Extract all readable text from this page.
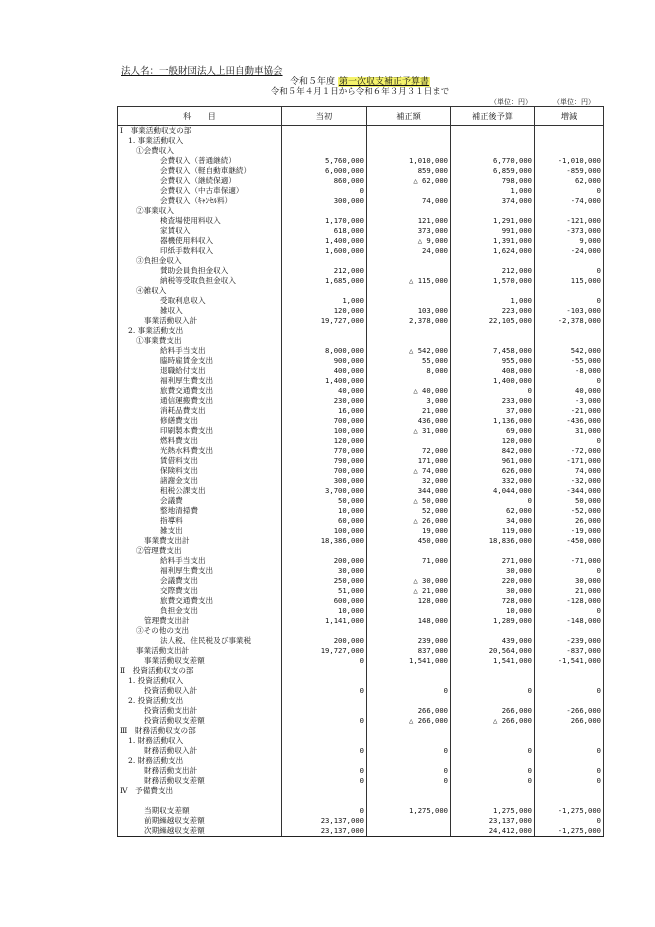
法人名：一般財団法人上田自動車協会
令和５年度 第一次収支補正予算書
令和５年４月１日から令和６年３月３１日まで
（単位：円）	（単位：円）
科　　目	当初	補正額	補正後予算	増減
Ⅰ　事業活動収支の部				
1. 事業活動収入				
①会費収入				
会費収入（普通継続）	5,760,000	1,010,000	6,770,000	-1,010,000
会費収入（軽自動車継続）	6,000,000	859,000	6,859,000	-859,000
会費収入（継続保適）	860,000	△ 62,000	798,000	62,000
会費収入（中古車保適）	0		1,000	0
会費収入（ｷｬﾝｾﾙ料）	300,000	74,000	374,000	-74,000
②事業収入				
検査場使用料収入	1,170,000	121,000	1,291,000	-121,000
家賃収入	618,000	373,000	991,000	-373,000
器機使用料収入	1,400,000	△ 9,000	1,391,000	9,000
印紙手数料収入	1,600,000	24,000	1,624,000	-24,000
③負担金収入				
賛助会員負担金収入	212,000		212,000	0
納税等受取負担金収入	1,685,000	△ 115,000	1,570,000	115,000
④雑収入				
受取利息収入	1,000		1,000	0
雑収入	120,000	103,000	223,000	-103,000
事業活動収入計	19,727,000	2,378,000	22,105,000	-2,378,000
2. 事業活動支出				
①事業費支出				
給料手当支出	8,000,000	△ 542,000	7,458,000	542,000
臨時雇賃金支出	900,000	55,000	955,000	-55,000
退職給付支出	400,000	8,000	408,000	-8,000
福利厚生費支出	1,400,000		1,400,000	0
旅費交通費支出	40,000	△ 40,000	0	40,000
通信運搬費支出	230,000	3,000	233,000	-3,000
消耗品費支出	16,000	21,000	37,000	-21,000
修繕費支出	700,000	436,000	1,136,000	-436,000
印刷製本費支出	100,000	△ 31,000	69,000	31,000
燃料費支出	120,000		120,000	0
光熱水料費支出	770,000	72,000	842,000	-72,000
賃借料支出	790,000	171,000	961,000	-171,000
保険料支出	700,000	△ 74,000	626,000	74,000
諸謝金支出	300,000	32,000	332,000	-32,000
租税公課支出	3,700,000	344,000	4,044,000	-344,000
会議費	50,000	△ 50,000	0	50,000
整地清掃費	10,000	52,000	62,000	-52,000
指導料	60,000	△ 26,000	34,000	26,000
雑支出	100,000	19,000	119,000	-19,000
事業費支出計	18,386,000	450,000	18,836,000	-450,000
②管理費支出				
給料手当支出	200,000	71,000	271,000	-71,000
福利厚生費支出	30,000		30,000	0
会議費支出	250,000	△ 30,000	220,000	30,000
交際費支出	51,000	△ 21,000	30,000	21,000
旅費交通費支出	600,000	128,000	728,000	-128,000
負担金支出	10,000		10,000	0
管理費支出計	1,141,000	148,000	1,289,000	-148,000
③その他の支出				
法人税、住民税及び事業税	200,000	239,000	439,000	-239,000
事業活動支出計	19,727,000	837,000	20,564,000	-837,000
事業活動収支差額	0	1,541,000	1,541,000	-1,541,000
Ⅱ　投資活動収支の部				
1. 投資活動収入				
投資活動収入計	0	0	0	0
2. 投資活動支出				
投資活動支出計		266,000	266,000	-266,000
投資活動収支差額	0	△ 266,000	△ 266,000	266,000
Ⅲ　財務活動収支の部				
1. 財務活動収入				
財務活動収入計	0	0	0	0
2. 財務活動支出				
財務活動支出計	0	0	0	0
財務活動収支差額	0	0	0	0
Ⅳ　予備費支出				

当期収支差額	0	1,275,000	1,275,000	-1,275,000
前期繰越収支差額	23,137,000		23,137,000	0
次期繰越収支差額	23,137,000		24,412,000	-1,275,000
